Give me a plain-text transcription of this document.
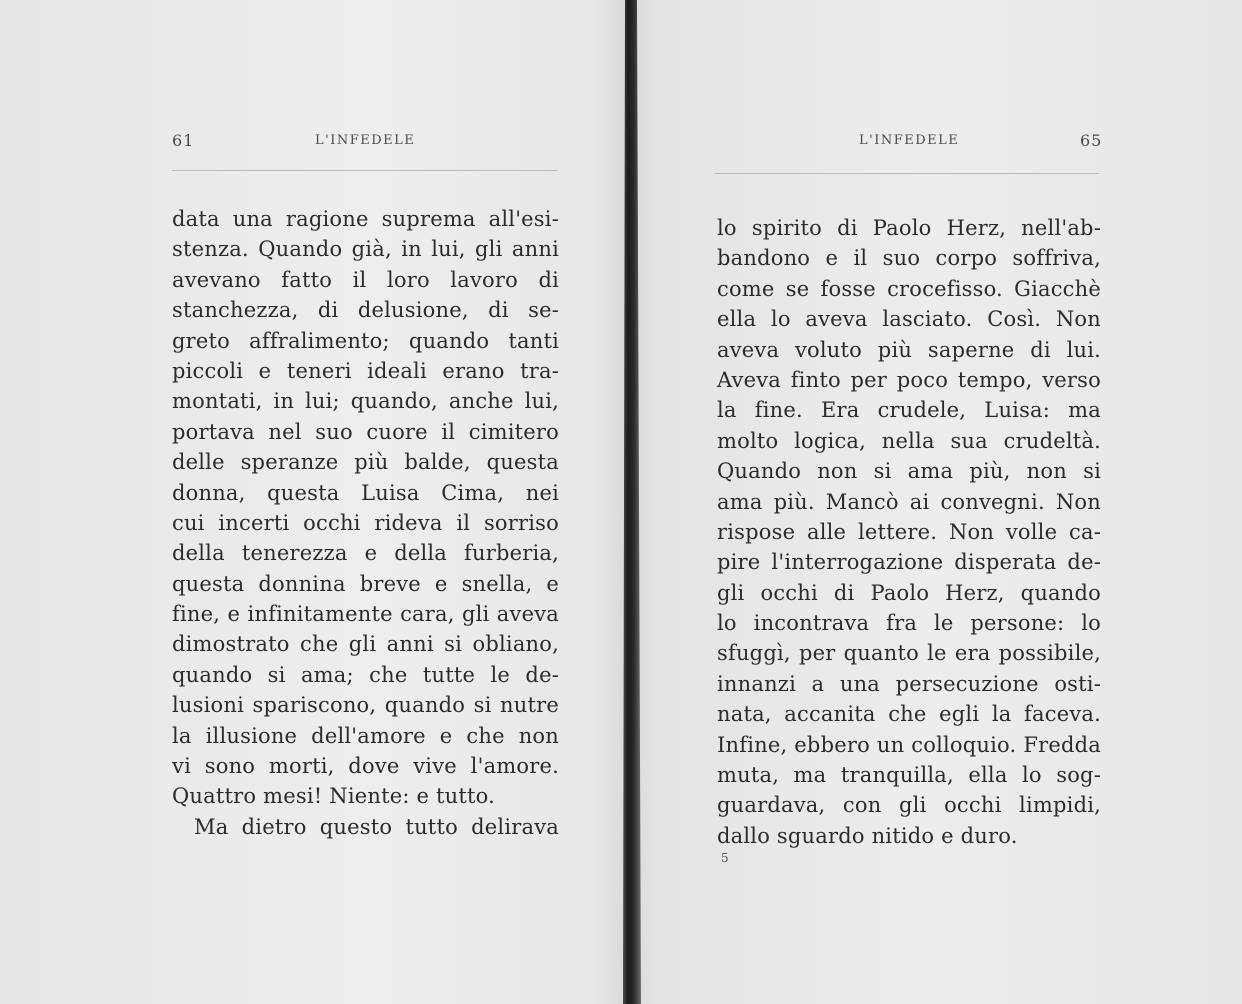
61	L'INFEDELE
data una ragione suprema all'esi-
stenza. Quando già, in lui, gli anni
avevano fatto il loro lavoro di
stanchezza, di delusione, di se-
greto affralimento; quando tanti
piccoli e teneri ideali erano tra-
montati, in lui; quando, anche lui,
portava nel suo cuore il cimitero
delle speranze più balde, questa
donna, questa Luisa Cima, nei
cui incerti occhi rideva il sorriso
della tenerezza e della furberia,
questa donnina breve e snella, e
fine, e infinitamente cara, gli aveva
dimostrato che gli anni si obliano,
quando si ama; che tutte le de-
lusioni spariscono, quando si nutre
la illusione dell'amore e che non
vi sono morti, dove vive l'amore.
Quattro mesi! Niente: e tutto.
Ma dietro questo tutto delirava
L'INFEDELE	65
lo spirito di Paolo Herz, nell'ab-
bandono e il suo corpo soffriva,
come se fosse crocefisso. Giacchè
ella lo aveva lasciato. Così. Non
aveva voluto più saperne di lui.
Aveva finto per poco tempo, verso
la fine. Era crudele, Luisa: ma
molto logica, nella sua crudeltà.
Quando non si ama più, non si
ama più. Mancò ai convegni. Non
rispose alle lettere. Non volle ca-
pire l'interrogazione disperata de-
gli occhi di Paolo Herz, quando
lo incontrava fra le persone: lo
sfuggì, per quanto le era possibile,
innanzi a una persecuzione osti-
nata, accanita che egli la faceva.
Infine, ebbero un colloquio. Fredda
muta, ma tranquilla, ella lo sog-
guardava, con gli occhi limpidi,
dallo sguardo nitido e duro.
5
